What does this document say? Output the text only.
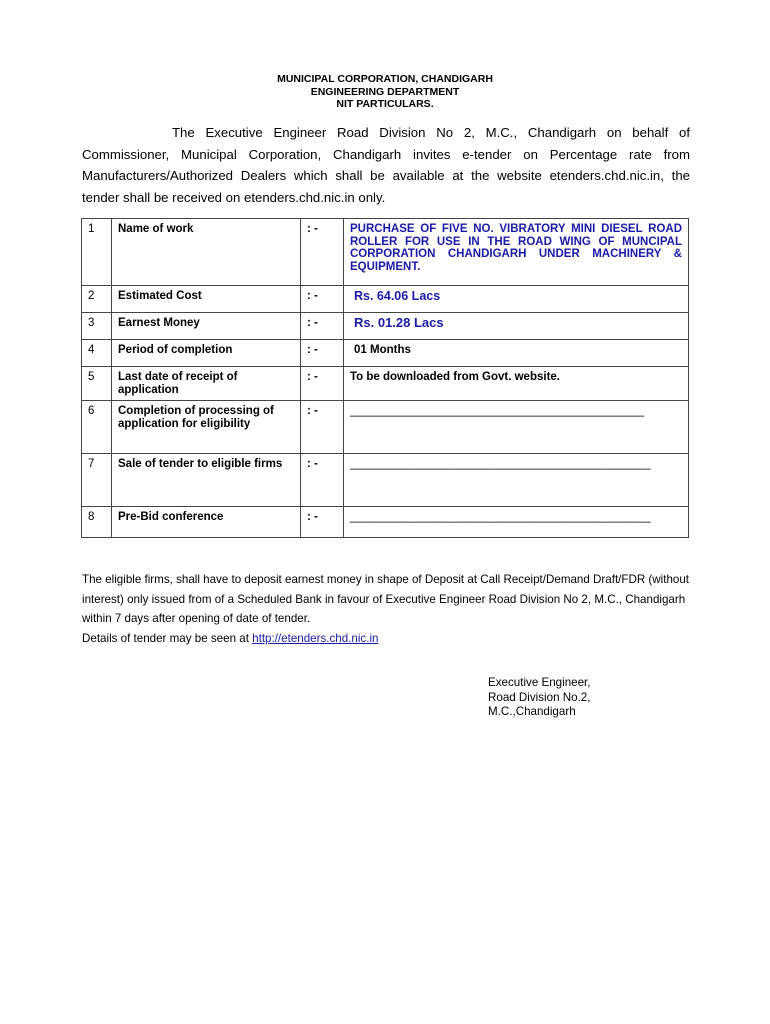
MUNICIPAL CORPORATION, CHANDIGARH
ENGINEERING DEPARTMENT
NIT PARTICULARS.

The Executive Engineer Road Division No 2, M.C., Chandigarh on behalf of Commissioner, Municipal Corporation, Chandigarh invites e-tender on Percentage rate from Manufacturers/Authorized Dealers which shall be available at the website etenders.chd.nic.in, the tender shall be received on etenders.chd.nic.in only.

1	Name of work	: -	PURCHASE OF FIVE NO. VIBRATORY MINI DIESEL ROAD ROLLER FOR USE IN THE ROAD WING OF MUNCIPAL CORPORATION CHANDIGARH UNDER MACHINERY & EQUIPMENT.
2	Estimated Cost	: -	Rs. 64.06 Lacs
3	Earnest Money	: -	Rs. 01.28 Lacs
4	Period of completion	: -	01 Months
5	Last date of receipt of application	: -	To be downloaded from Govt. website.
6	Completion of processing of application for eligibility	: -	______________________________________________
7	Sale of tender to eligible firms	: -	_______________________________________________
8	Pre-Bid conference	: -	_______________________________________________

The eligible firms, shall have to deposit earnest money in shape of Deposit at Call Receipt/Demand Draft/FDR (without interest) only issued from of a Scheduled Bank in favour of Executive Engineer Road Division No 2, M.C., Chandigarh within 7 days after opening of date of tender.

Details of tender may be seen at http://etenders.chd.nic.in

Executive Engineer,
Road Division No.2,
M.C.,Chandigarh
